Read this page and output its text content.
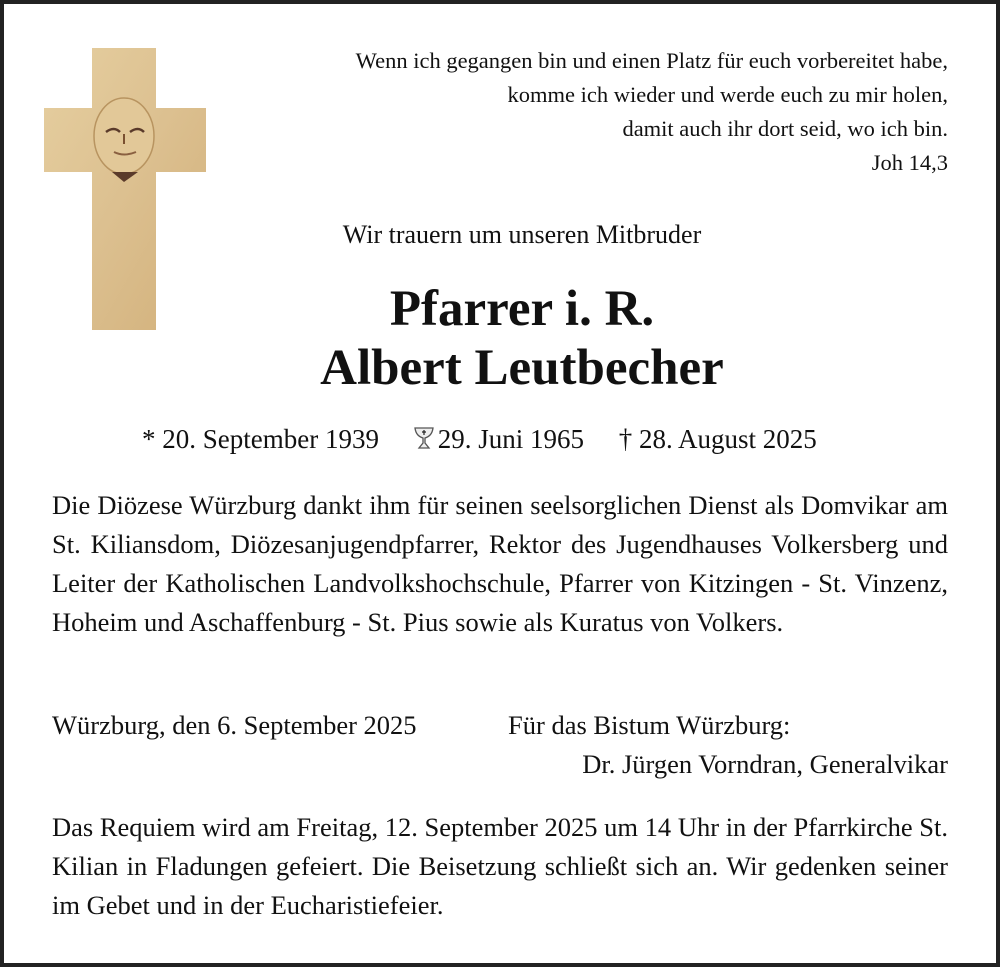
Wenn ich gegangen bin und einen Platz für euch vorbereitet habe,
komme ich wieder und werde euch zu mir holen,
damit auch ihr dort seid, wo ich bin.
Joh 14,3
Wir trauern um unseren Mitbruder
Pfarrer i. R.
Albert Leutbecher
* 20. September 1939 29. Juni 1965 † 28. August 2025
Die Diözese Würzburg dankt ihm für seinen seelsorglichen Dienst als Domvikar am St. Kiliansdom, Diözesanjugendpfarrer, Rektor des Jugendhauses Volkersberg und Leiter der Katholischen Landvolkshochschule, Pfarrer von Kitzingen - St. Vinzenz, Hoheim und Aschaffenburg - St. Pius sowie als Kuratus von Volkers.
Würzburg, den 6. September 2025	Für das Bistum Würzburg:
Dr. Jürgen Vorndran, Generalvikar
Das Requiem wird am Freitag, 12. September 2025 um 14 Uhr in der Pfarrkirche St. Kilian in Fladungen gefeiert. Die Beisetzung schließt sich an. Wir gedenken seiner im Gebet und in der Eucharistiefeier.
